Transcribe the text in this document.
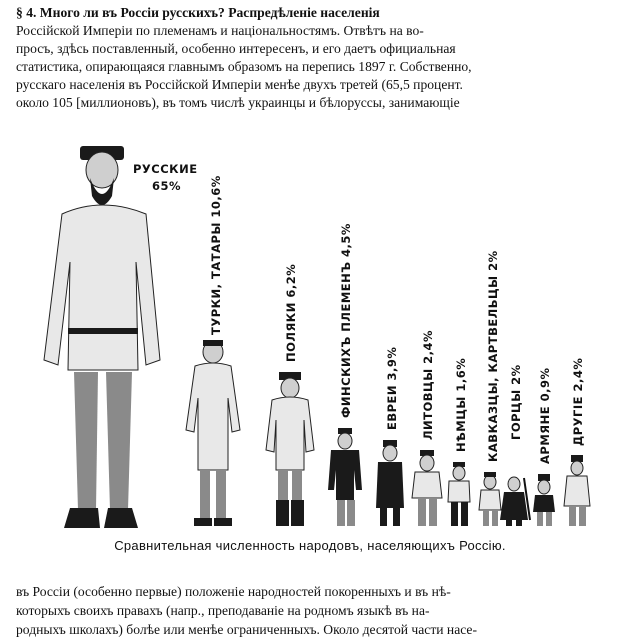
§ 4. Много ли въ Россіи русскихъ? Распредѣленіе населенія
Россійской Имперіи по племенамъ и національностямъ. Отвѣтъ на во-
просъ, здѣсь поставленный, особенно интересенъ, и его даетъ официальная
статистика, опирающаяся главнымъ образомъ на перепись 1897 г. Собственно,
русскаго населенія въ Россійской Имперіи менѣе двухъ третей (65,5 процент.
около 105 [миллионовъ), въ томъ числѣ украинцы и бѣлоруссы, занимающіе
РУССКИЕ
65% ТУРКИ, ТАТАРЫ 10,6%	ПОЛЯКИ 6,2%	ФИНСКИХЪ ПЛЕМЕНЪ 4,5%	ЕВРЕИ 3,9% ЛИТОВЦЫ 2,4% НѢМЦЫ 1,6% КАВКАЗЦЫ, КАРТВЕЛЬЦЫ 2% ГОРЦЫ 2% АРМЯНЕ 0,9% ДРУГІЕ 2,4%
Сравнительная численность народовъ, населяющихъ Россію.
въ Россіи (особенно первые) положеніе народностей покоренныхъ и въ нѣ-
которыхъ своихъ правахъ (напр., преподаваніе на родномъ языкѣ въ на-
родныхъ школахъ) болѣе или менѣе ограниченныхъ. Около десятой части насе-
